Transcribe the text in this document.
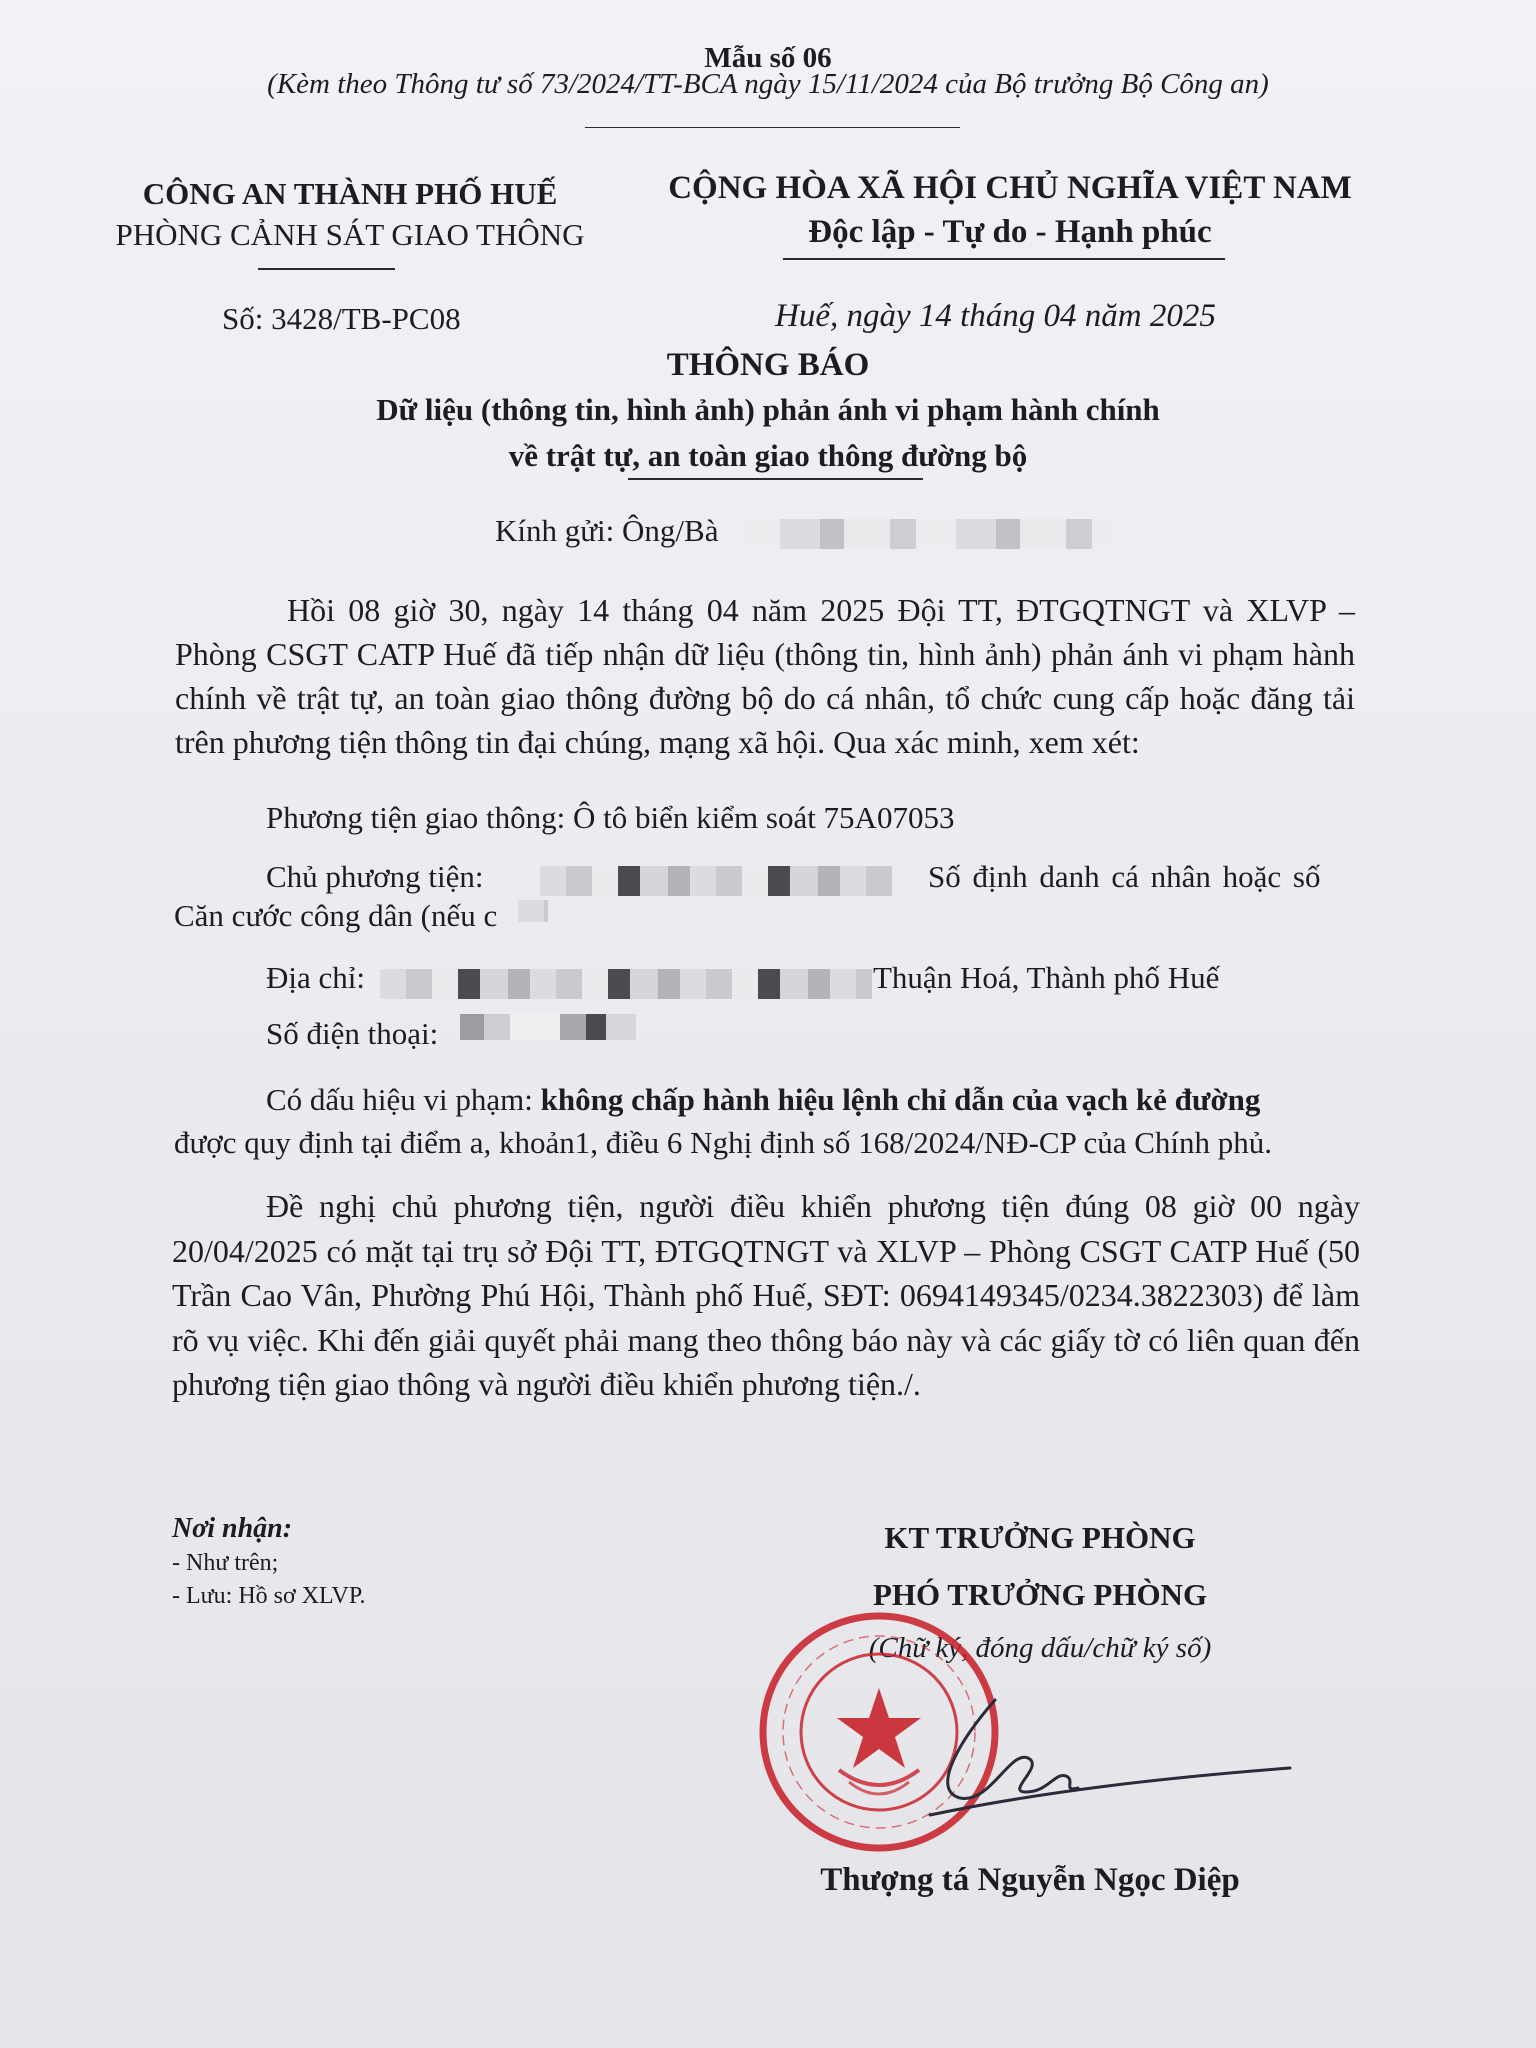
Mẫu số 06
(Kèm theo Thông tư số 73/2024/TT-BCA ngày 15/11/2024 của Bộ trưởng Bộ Công an)
CÔNG AN THÀNH PHỐ HUẾ
PHÒNG CẢNH SÁT GIAO THÔNG
CỘNG HÒA XÃ HỘI CHỦ NGHĨA VIỆT NAM
Độc lập - Tự do - Hạnh phúc
Số: 3428/TB-PC08	Huế, ngày 14 tháng 04 năm 2025
THÔNG BÁO
Dữ liệu (thông tin, hình ảnh) phản ánh vi phạm hành chính
về trật tự, an toàn giao thông đường bộ
Kính gửi: Ông/Bà
Hồi 08 giờ 30, ngày 14 tháng 04 năm 2025 Đội TT, ĐTGQTNGT và XLVP – Phòng CSGT CATP Huế đã tiếp nhận dữ liệu (thông tin, hình ảnh) phản ánh vi phạm hành chính về trật tự, an toàn giao thông đường bộ do cá nhân, tổ chức cung cấp hoặc đăng tải trên phương tiện thông tin đại chúng, mạng xã hội. Qua xác minh, xem xét:
Phương tiện giao thông: Ô tô biển kiểm soát 75A07053
Chủ phương tiện:	Số định danh cá nhân hoặc số
Căn cước công dân (nếu c
Địa chỉ:	Thuận Hoá, Thành phố Huế
Số điện thoại:
Có dấu hiệu vi phạm: không chấp hành hiệu lệnh chỉ dẫn của vạch kẻ đường
được quy định tại điểm a, khoản1, điều 6 Nghị định số 168/2024/NĐ-CP của Chính phủ.
Đề nghị chủ phương tiện, người điều khiển phương tiện đúng 08 giờ 00 ngày 20/04/2025 có mặt tại trụ sở Đội TT, ĐTGQTNGT và XLVP – Phòng CSGT CATP Huế (50 Trần Cao Vân, Phường Phú Hội, Thành phố Huế, SĐT: 0694149345/0234.3822303) để làm rõ vụ việc. Khi đến giải quyết phải mang theo thông báo này và các giấy tờ có liên quan đến phương tiện giao thông và người điều khiển phương tiện./.
Nơi nhận:
- Như trên;
- Lưu: Hồ sơ XLVP.
KT TRƯỞNG PHÒNG
PHÓ TRƯỞNG PHÒNG
(Chữ ký, đóng dấu/chữ ký số)
Thượng tá Nguyễn Ngọc Diệp
